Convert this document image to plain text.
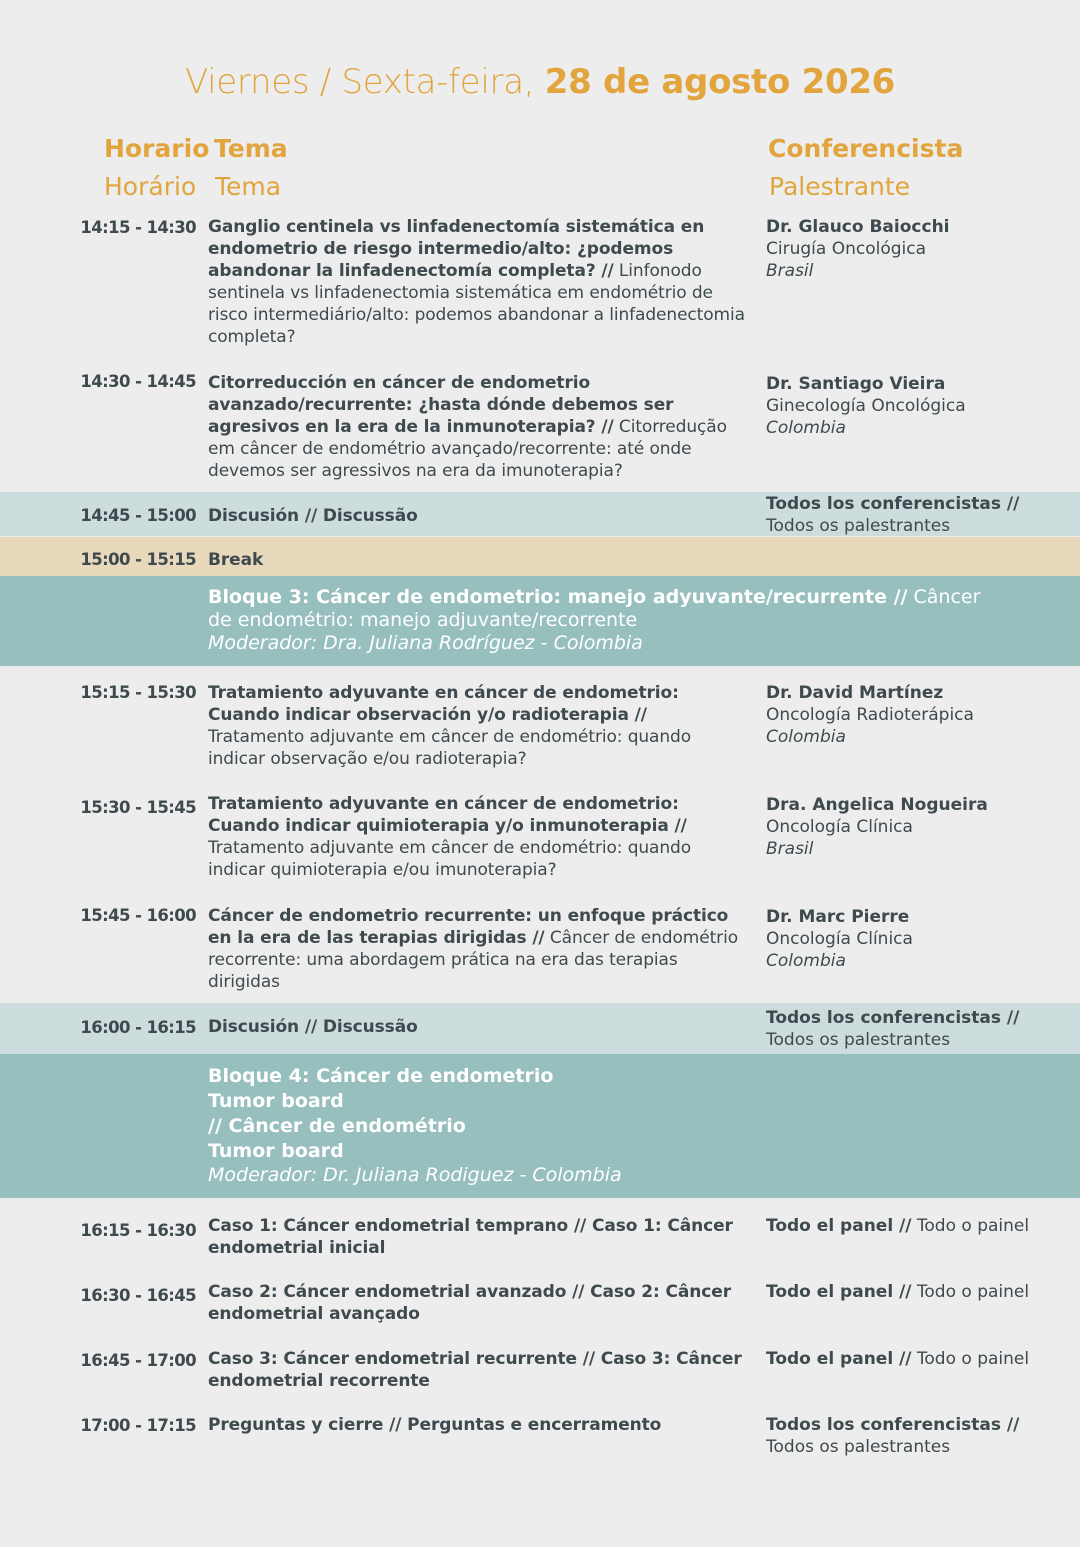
Viernes / Sexta-feira, 28 de agosto 2026
Horario
Horário
Tema
Tema
Conferencista
Palestrante
14:15 - 14:30 Ganglio centinela vs linfadenectomía sistemática en endometrio de riesgo intermedio/alto: ¿podemos abandonar la linfadenectomía completa? // Linfonodo sentinela vs linfadenectomia sistemática em endométrio de risco intermediário/alto: podemos abandonar a linfadenectomia completa?
Dr. Glauco Baiocchi
Cirugía Oncológica
Brasil
14:30 - 14:45 Citorreducción en cáncer de endometrio avanzado/recurrente: ¿hasta dónde debemos ser agresivos en la era de la inmunoterapia? // Citorredução em câncer de endométrio avançado/recorrente: até onde devemos ser agressivos na era da imunoterapia?
Dr. Santiago Vieira
Ginecología Oncológica
Colombia
14:45 - 15:00 Discusión // Discussão
Todos los conferencistas //
Todos os palestrantes
15:00 - 15:15 Break
Bloque 3: Cáncer de endometrio: manejo adyuvante/recurrente // Câncer de endométrio: manejo adjuvante/recorrente
Moderador: Dra. Juliana Rodríguez - Colombia
15:15 - 15:30 Tratamiento adyuvante en cáncer de endometrio: Cuando indicar observación y/o radioterapia // Tratamento adjuvante em câncer de endométrio: quando indicar observação e/ou radioterapia?
Dr. David Martínez
Oncología Radioterápica
Colombia
15:30 - 15:45 Tratamiento adyuvante en cáncer de endometrio: Cuando indicar quimioterapia y/o inmunoterapia // Tratamento adjuvante em câncer de endométrio: quando indicar quimioterapia e/ou imunoterapia?
Dra. Angelica Nogueira
Oncología Clínica
Brasil
15:45 - 16:00 Cáncer de endometrio recurrente: un enfoque práctico en la era de las terapias dirigidas // Câncer de endométrio recorrente: uma abordagem prática na era das terapias dirigidas
Dr. Marc Pierre
Oncología Clínica
Colombia
16:00 - 16:15 Discusión // Discussão	Todos los conferencistas //
Todos os palestrantes
Bloque 4: Cáncer de endometrio
Tumor board
// Câncer de endométrio
Tumor board
Moderador: Dr. Juliana Rodiguez - Colombia
16:15 - 16:30 Caso 1: Cáncer endometrial temprano // Caso 1: Câncer endometrial inicial
Todo el panel // Todo o painel
16:30 - 16:45 Caso 2: Cáncer endometrial avanzado // Caso 2: Câncer endometrial avançado
Todo el panel // Todo o painel
16:45 - 17:00 Caso 3: Cáncer endometrial recurrente // Caso 3: Câncer endometrial recorrente
Todo el panel // Todo o painel
17:00 - 17:15 Preguntas y cierre // Perguntas e encerramento	Todos los conferencistas //
Todos os palestrantes
